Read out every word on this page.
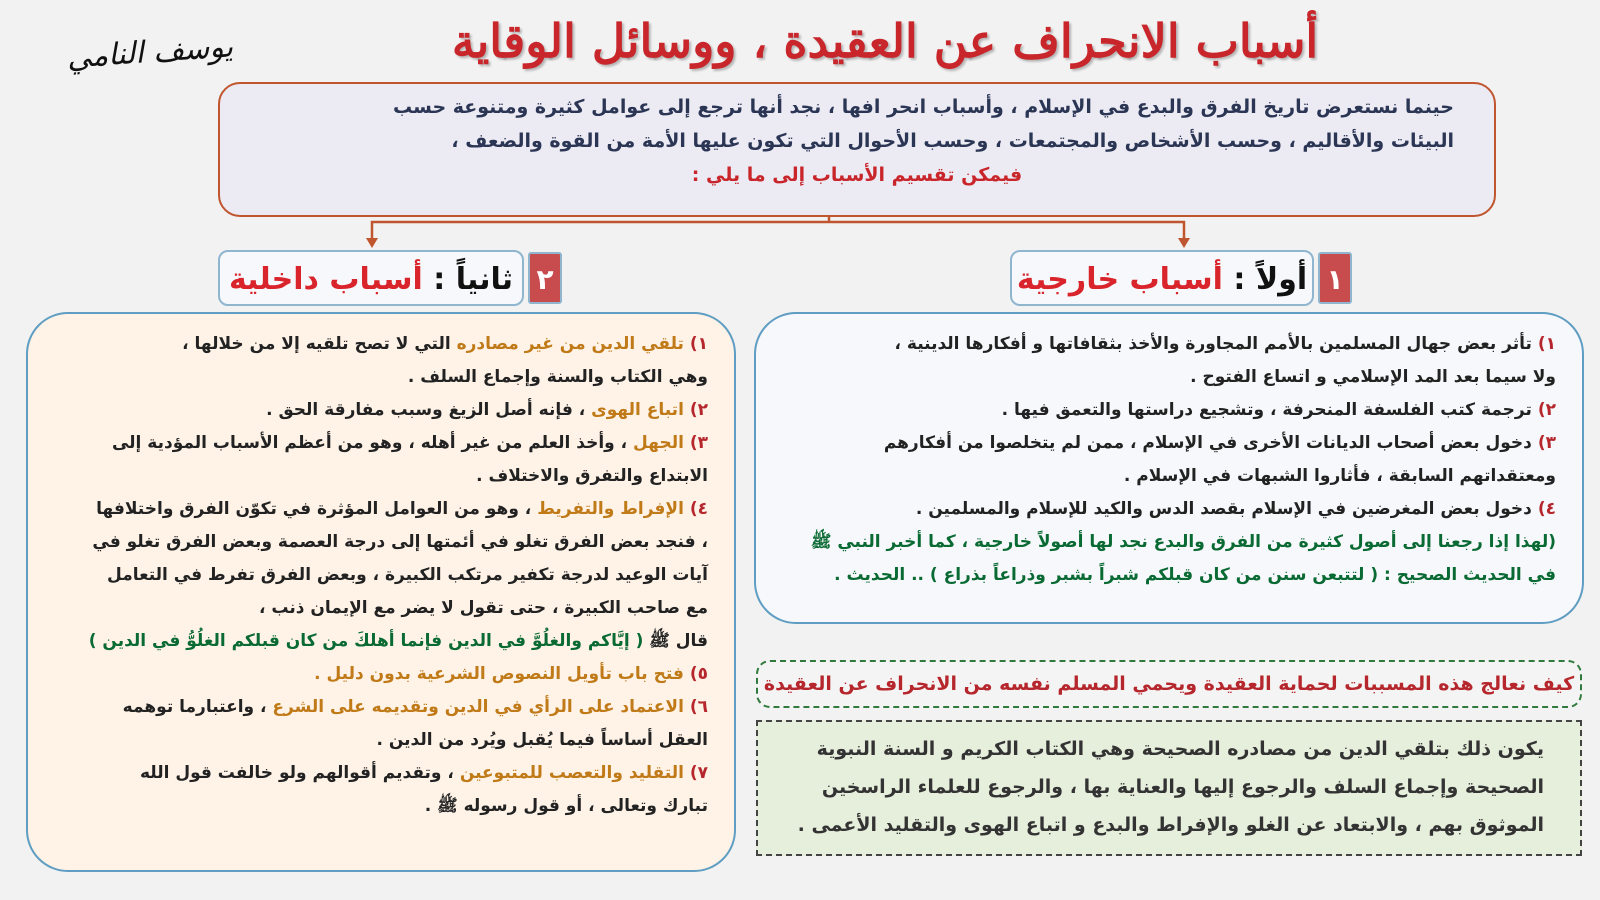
أسباب الانحراف عن العقيدة ، ووسائل الوقاية
يوسف النامي
حينما نستعرض تاريخ الفرق والبدع في الإسلام ، وأسباب انحر افها ، نجد أنها ترجع إلى عوامل كثيرة ومتنوعة حسب
البيئات والأقاليم ، وحسب الأشخاص والمجتمعات ، وحسب الأحوال التي تكون عليها الأمة من القوة والضعف ،
فيمكن تقسيم الأسباب إلى ما يلي :
١
أولاً : أسباب خارجية
٢
ثانياً : أسباب داخلية

١) تأثر بعض جهال المسلمين بالأمم المجاورة والأخذ بثقافاتها و أفكارها الدينية ،

ولا سيما بعد المد الإسلامي و اتساع الفتوح .

٢) ترجمة كتب الفلسفة المنحرفة ، وتشجيع دراستها والتعمق فيها .

٣) دخول بعض أصحاب الديانات الأخرى في الإسلام ، ممن لم يتخلصوا من أفكارهم

ومعتقداتهم السابقة ، فأثاروا الشبهات في الإسلام .

٤) دخول بعض المغرضين في الإسلام بقصد الدس والكيد للإسلام والمسلمين .

(لهذا إذا رجعنا إلى أصول كثيرة من الفرق والبدع نجد لها أصولاً خارجية ، كما أخبر النبي ﷺ

في الحديث الصحيح : ( لتتبعن سنن من كان قبلكم شبراً بشبر وذراعاً بذراع ) .. الحديث .

١) تلقي الدين من غير مصادره التي لا تصح تلقيه إلا من خلالها ،

وهي الكتاب والسنة وإجماع السلف .

٢) اتباع الهوى ، فإنه أصل الزيغ وسبب مفارقة الحق .

٣) الجهل ، وأخذ العلم من غير أهله ، وهو من أعظم الأسباب المؤدية إلى

الابتداع والتفرق والاختلاف .

٤) الإفراط والتفريط ، وهو من العوامل المؤثرة في تكوّن الفرق واختلافها

، فنجد بعض الفرق تغلو في أئمتها إلى درجة العصمة وبعض الفرق تغلو في

آيات الوعيد لدرجة تكفير مرتكب الكبيرة ، وبعض الفرق تفرط في التعامل

مع صاحب الكبيرة ، حتى تقول لا يضر مع الإيمان ذنب ،

قال ﷺ ( إيَّاكم والغلُوَّ في الدين فإنما أهلكَ من كان قبلكم الغلُوُّ في الدين )

٥) فتح باب تأويل النصوص الشرعية بدون دليل .

٦) الاعتماد على الرأي في الدين وتقديمه على الشرع ، واعتبارما توهمه

العقل أساساً فيما يُقبل ويُرد من الدين .

٧) التقليد والتعصب للمتبوعين ، وتقديم أقوالهم ولو خالفت قول الله

تبارك وتعالى ، أو قول رسوله ﷺ .

كيف نعالج هذه المسببات لحماية العقيدة ويحمي المسلم نفسه من الانحراف عن العقيدة
يكون ذلك بتلقي الدين من مصادره الصحيحة وهي الكتاب الكريم و السنة النبوية
الصحيحة وإجماع السلف والرجوع إليها والعناية بها ، والرجوع للعلماء الراسخين
الموثوق بهم ، والابتعاد عن الغلو والإفراط والبدع و اتباع الهوى والتقليد الأعمى .
